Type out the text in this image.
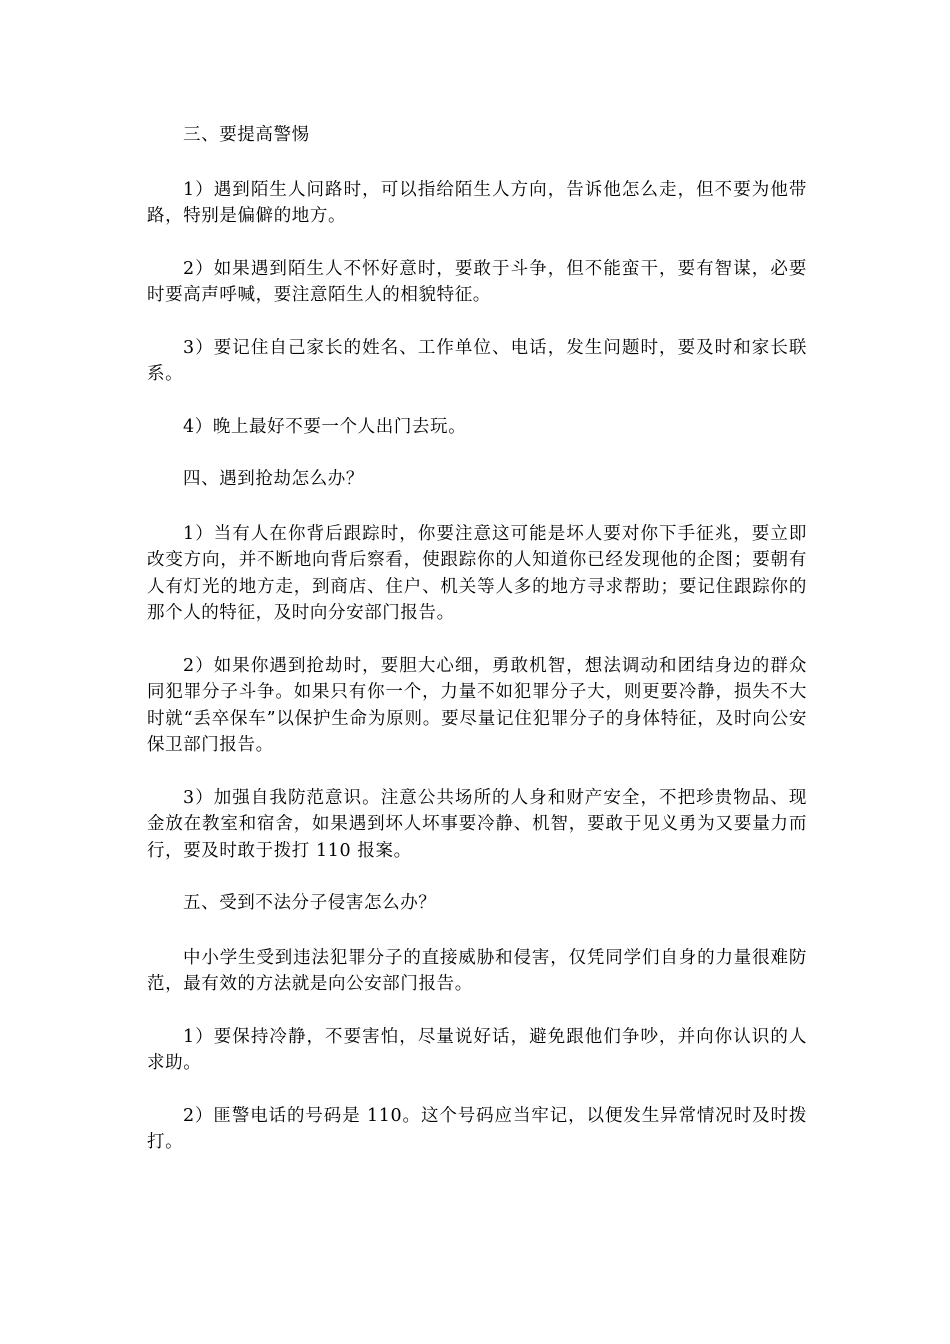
三、要提高警惕

1）遇到陌生人问路时，可以指给陌生人方向，告诉他怎么走，但不要为他带路，特别是偏僻的地方。

2）如果遇到陌生人不怀好意时，要敢于斗争，但不能蛮干，要有智谋，必要时要高声呼喊，要注意陌生人的相貌特征。

3）要记住自己家长的姓名、工作单位、电话，发生问题时，要及时和家长联系。

4）晚上最好不要一个人出门去玩。

四、遇到抢劫怎么办？

1）当有人在你背后跟踪时，你要注意这可能是坏人要对你下手征兆，要立即改变方向，并不断地向背后察看，使跟踪你的人知道你已经发现他的企图；要朝有人有灯光的地方走，到商店、住户、机关等人多的地方寻求帮助；要记住跟踪你的那个人的特征，及时向分安部门报告。

2）如果你遇到抢劫时，要胆大心细，勇敢机智，想法调动和团结身边的群众同犯罪分子斗争。如果只有你一个，力量不如犯罪分子大，则更要冷静，损失不大时就“丢卒保车”以保护生命为原则。要尽量记住犯罪分子的身体特征，及时向公安保卫部门报告。

3）加强自我防范意识。注意公共场所的人身和财产安全，不把珍贵物品、现金放在教室和宿舍，如果遇到坏人坏事要冷静、机智，要敢于见义勇为又要量力而行，要及时敢于拨打 110 报案。

五、受到不法分子侵害怎么办？

中小学生受到违法犯罪分子的直接威胁和侵害，仅凭同学们自身的力量很难防范，最有效的方法就是向公安部门报告。

1）要保持冷静，不要害怕，尽量说好话，避免跟他们争吵，并向你认识的人求助。

2）匪警电话的号码是 110。这个号码应当牢记，以便发生异常情况时及时拨打。
